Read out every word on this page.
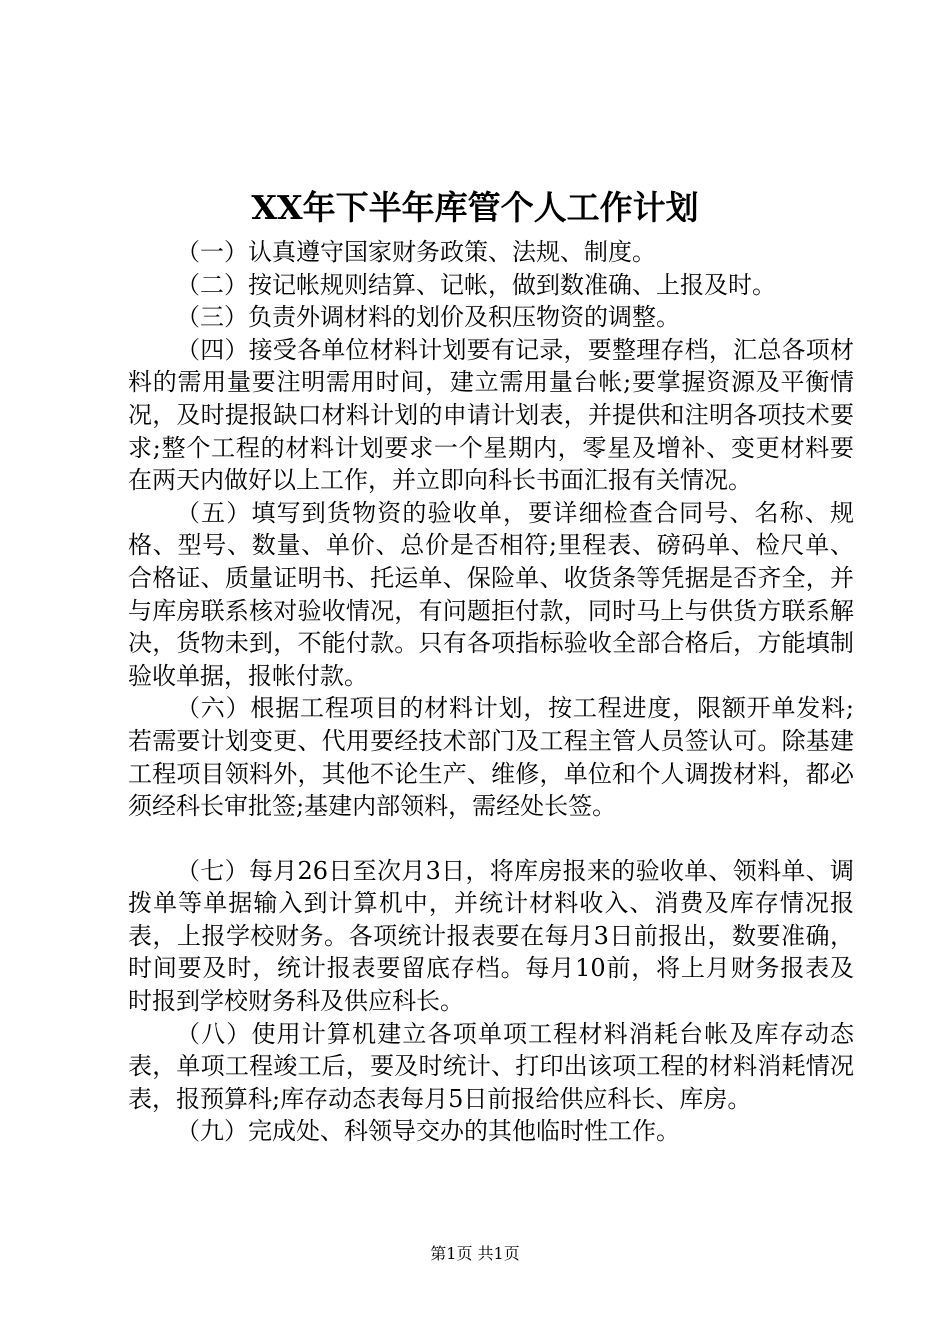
XX年下半年库管个人工作计划

（一）认真遵守国家财务政策、法规、制度。

（二）按记帐规则结算、记帐，做到数准确、上报及时。

（三）负责外调材料的划价及积压物资的调整。

（四）接受各单位材料计划要有记录，要整理存档，汇总各项材料的需用量要注明需用时间，建立需用量台帐;要掌握资源及平衡情况，及时提报缺口材料计划的申请计划表，并提供和注明各项技术要求;整个工程的材料计划要求一个星期内，零星及增补、变更材料要在两天内做好以上工作，并立即向科长书面汇报有关情况。

（五）填写到货物资的验收单，要详细检查合同号、名称、规格、型号、数量、单价、总价是否相符;里程表、磅码单、检尺单、合格证、质量证明书、托运单、保险单、收货条等凭据是否齐全，并与库房联系核对验收情况，有问题拒付款，同时马上与供货方联系解决，货物未到，不能付款。只有各项指标验收全部合格后，方能填制验收单据，报帐付款。

（六）根据工程项目的材料计划，按工程进度，限额开单发料;若需要计划变更、代用要经技术部门及工程主管人员签认可。除基建工程项目领料外，其他不论生产、维修，单位和个人调拨材料，都必须经科长审批签;基建内部领料，需经处长签。

（七）每月26日至次月3日，将库房报来的验收单、领料单、调拨单等单据输入到计算机中，并统计材料收入、消费及库存情况报表，上报学校财务。各项统计报表要在每月3日前报出，数要准确，时间要及时，统计报表要留底存档。每月10前，将上月财务报表及时报到学校财务科及供应科长。

（八）使用计算机建立各项单项工程材料消耗台帐及库存动态表，单项工程竣工后，要及时统计、打印出该项工程的材料消耗情况表，报预算科;库存动态表每月5日前报给供应科长、库房。

（九）完成处、科领导交办的其他临时性工作。

第1页 共1页
